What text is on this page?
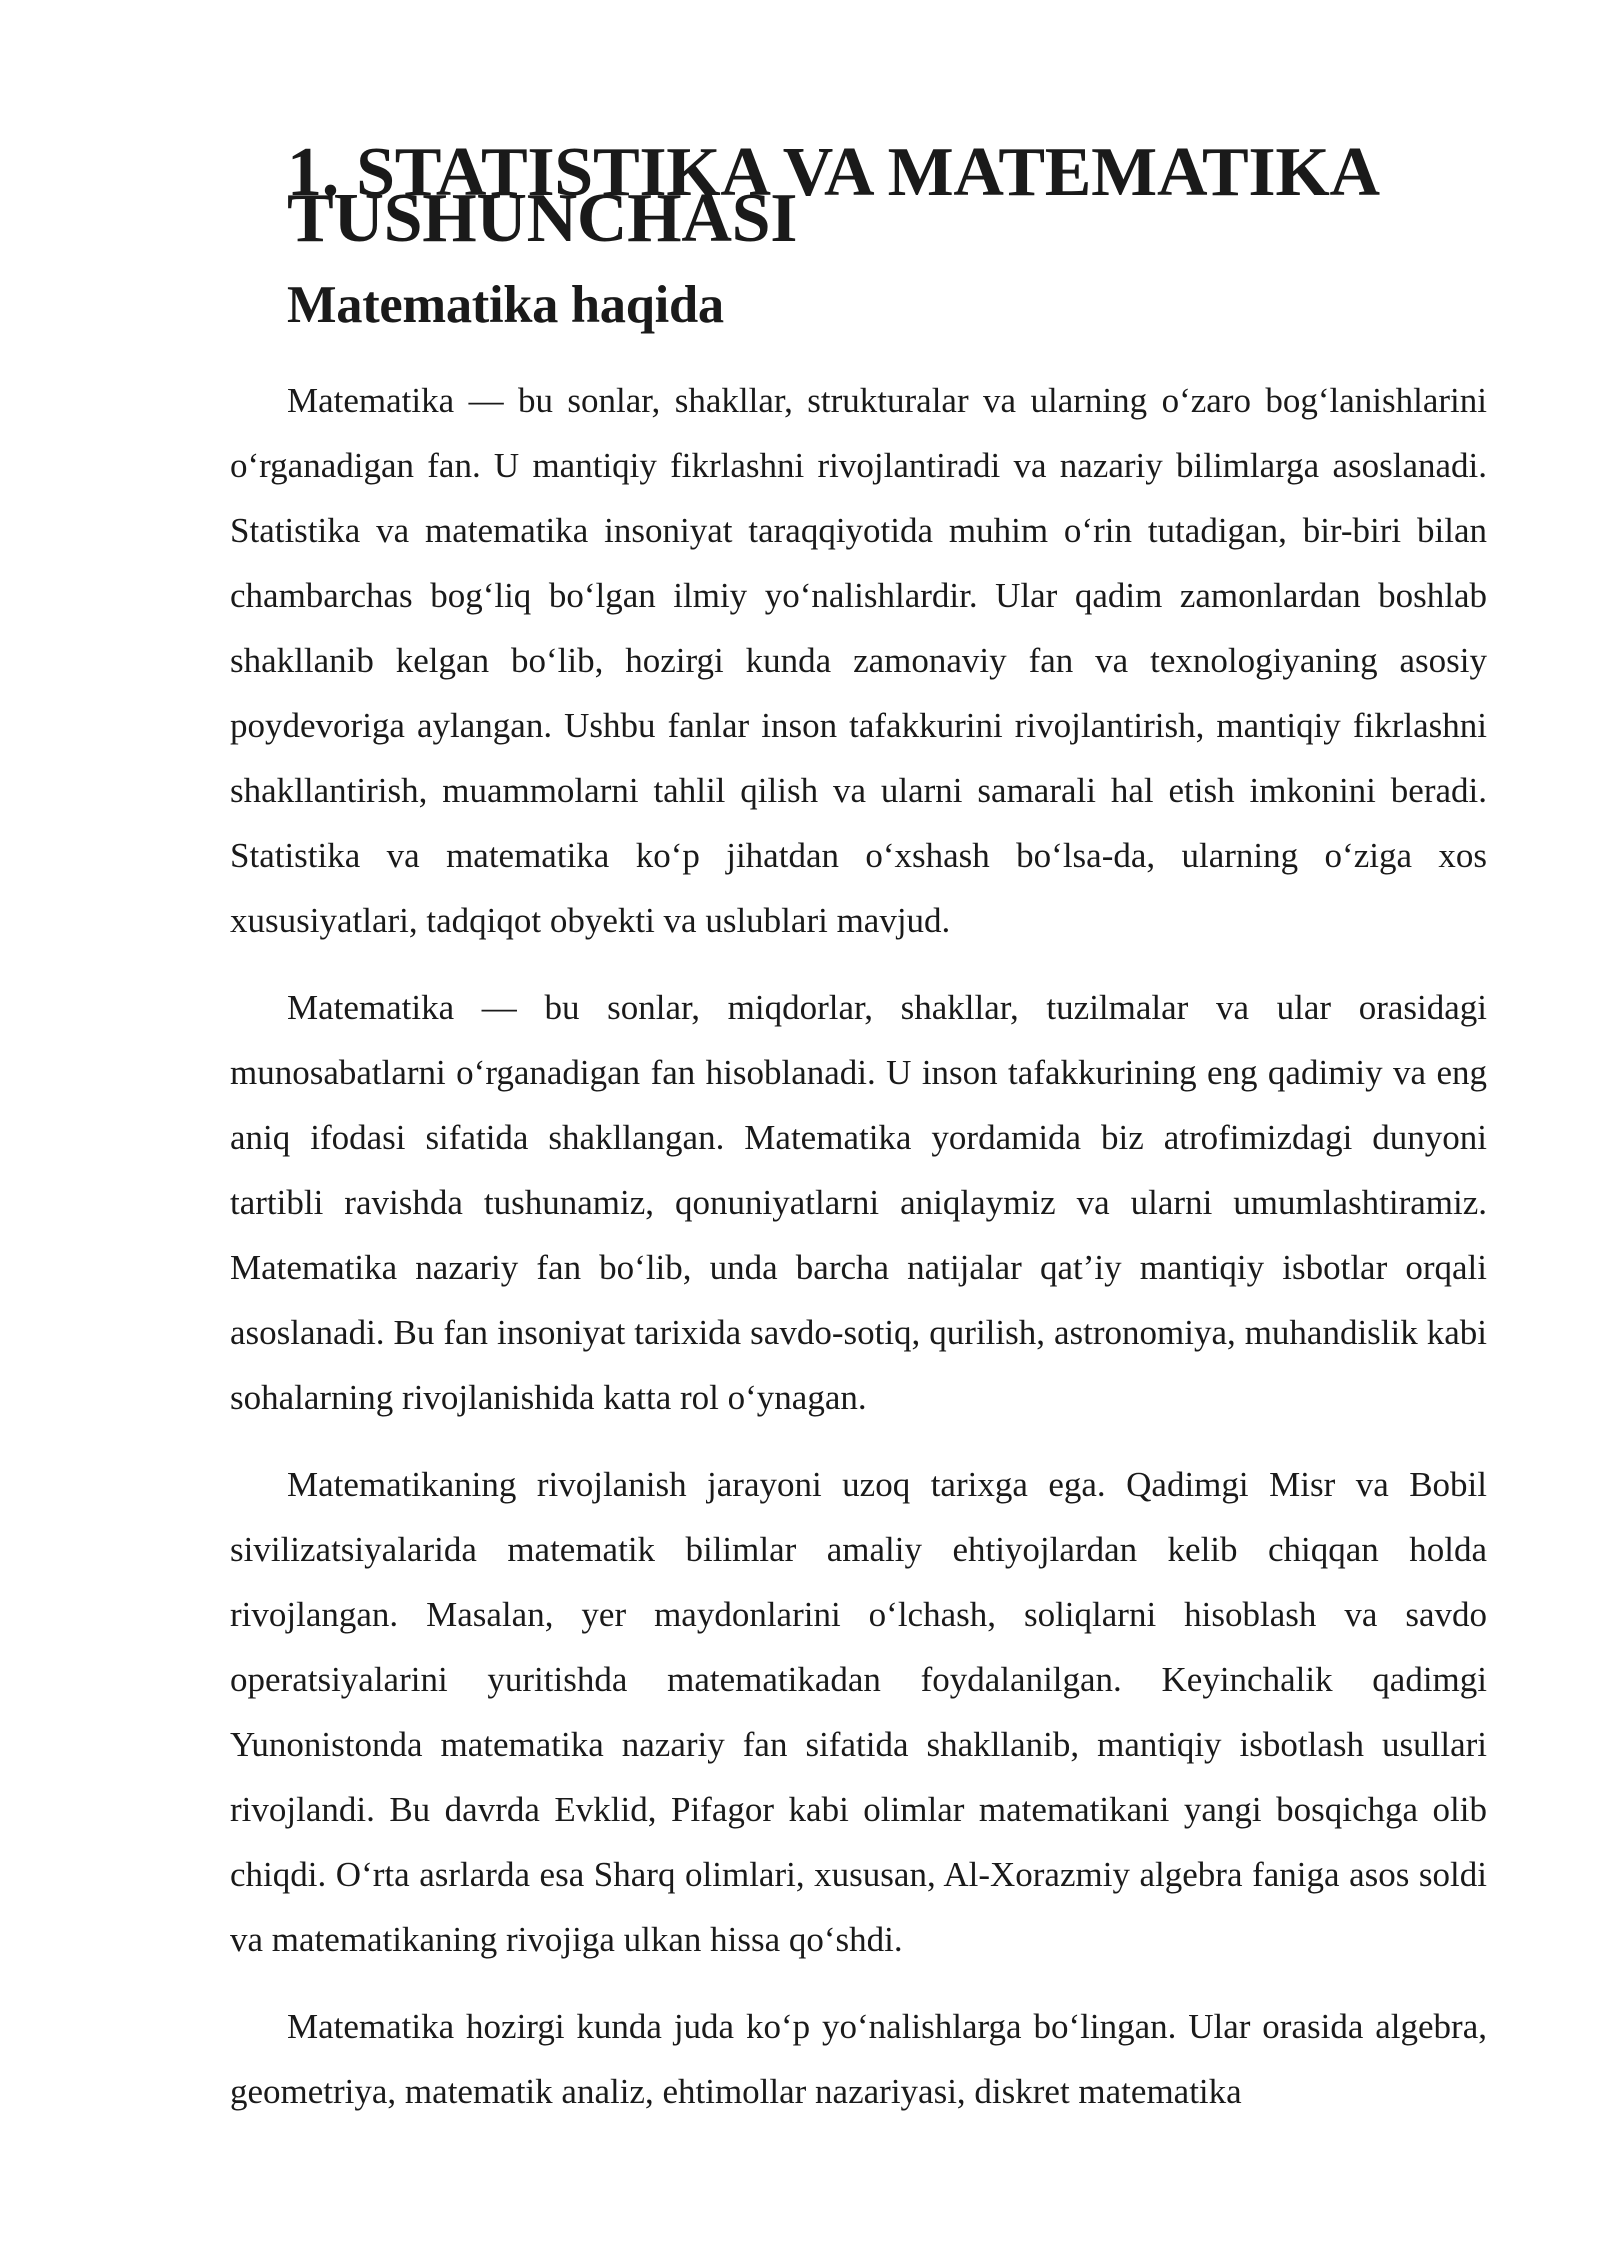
1. STATISTIKA VA MATEMATIKA TUSHUNCHASI
Matematika haqida

Matematika — bu sonlar, shakllar, strukturalar va ularning o‘zaro bog‘lanishlarini o‘rganadigan fan. U mantiqiy fikrlashni rivojlantiradi va nazariy bilimlarga asoslanadi. Statistika va matematika insoniyat taraqqiyotida muhim o‘rin tutadigan, bir-biri bilan chambarchas bog‘liq bo‘lgan ilmiy yo‘nalishlardir. Ular qadim zamonlardan boshlab shakllanib kelgan bo‘lib, hozirgi kunda zamonaviy fan va texnologiyaning asosiy poydevoriga aylangan. Ushbu fanlar inson tafakkurini rivojlantirish, mantiqiy fikrlashni shakllantirish, muammolarni tahlil qilish va ularni samarali hal etish imkonini beradi. Statistika va matematika ko‘p jihatdan o‘xshash bo‘lsa-da, ularning o‘ziga xos xususiyatlari, tadqiqot obyekti va uslublari mavjud.

Matematika — bu sonlar, miqdorlar, shakllar, tuzilmalar va ular orasidagi munosabatlarni o‘rganadigan fan hisoblanadi. U inson tafakkurining eng qadimiy va eng aniq ifodasi sifatida shakllangan. Matematika yordamida biz atrofimizdagi dunyoni tartibli ravishda tushunamiz, qonuniyatlarni aniqlaymiz va ularni umumlashtiramiz. Matematika nazariy fan bo‘lib, unda barcha natijalar qat’iy mantiqiy isbotlar orqali asoslanadi. Bu fan insoniyat tarixida savdo-sotiq, qurilish, astronomiya, muhandislik kabi sohalarning rivojlanishida katta rol o‘ynagan.

Matematikaning rivojlanish jarayoni uzoq tarixga ega. Qadimgi Misr va Bobil sivilizatsiyalarida matematik bilimlar amaliy ehtiyojlardan kelib chiqqan holda rivojlangan. Masalan, yer maydonlarini o‘lchash, soliqlarni hisoblash va savdo operatsiyalarini yuritishda matematikadan foydalanilgan. Keyinchalik qadimgi Yunonistonda matematika nazariy fan sifatida shakllanib, mantiqiy isbotlash usullari rivojlandi. Bu davrda Evklid, Pifagor kabi olimlar matematikani yangi bosqichga olib chiqdi. O‘rta asrlarda esa Sharq olimlari, xususan, Al-Xorazmiy algebra faniga asos soldi va matematikaning rivojiga ulkan hissa qo‘shdi.

Matematika hozirgi kunda juda ko‘p yo‘nalishlarga bo‘lingan. Ular orasida algebra, geometriya, matematik analiz, ehtimollar nazariyasi, diskret matematika
